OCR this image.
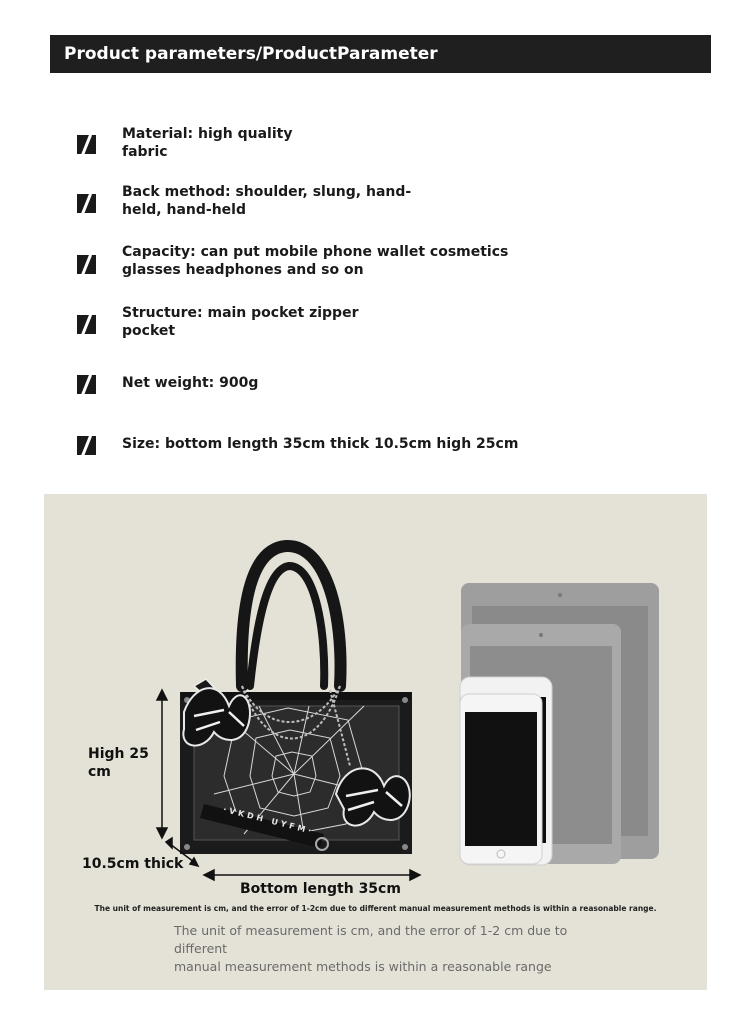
Product parameters/ProductParameter
Material: high quality
fabric
Back method: shoulder, slung, hand-
held, hand-held
Capacity: can put mobile phone wallet cosmetics
glasses headphones and so on
Structure: main pocket zipper
pocket
Net weight: 900g
Size: bottom length 35cm thick 10.5cm high 25cm
·VKDH UYFM·
High 25
cm
10.5cm thick
Bottom length 35cm
The unit of measurement is cm, and the error of 1-2cm due to different manual measurement methods is within a reasonable range.
The unit of measurement is cm, and the error of 1-2 cm due to different
manual measurement methods is within a reasonable range
